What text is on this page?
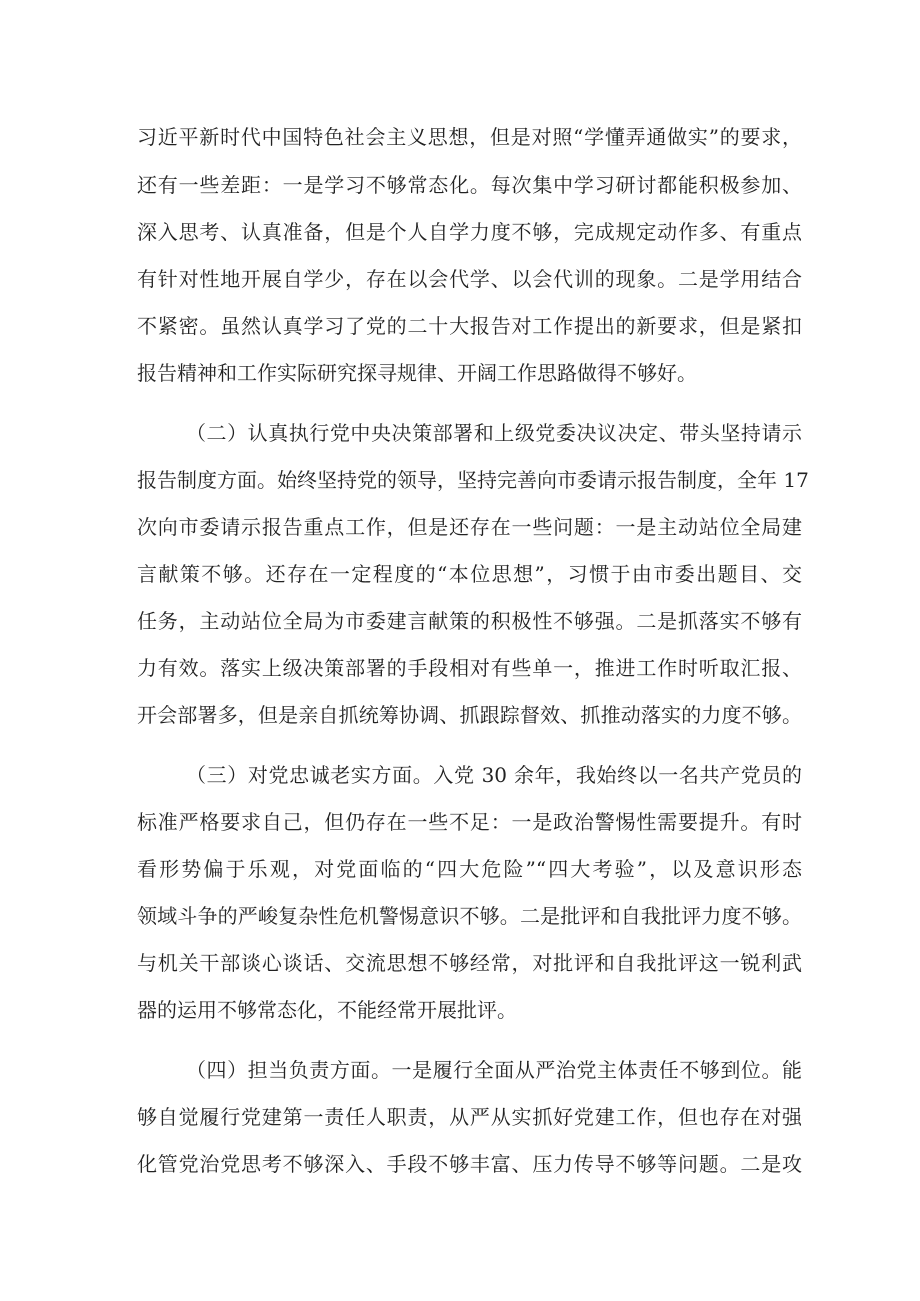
习近平新时代中国特色社会主义思想，但是对照“学懂弄通做实”的要求，
还有一些差距：一是学习不够常态化。每次集中学习研讨都能积极参加、
深入思考、认真准备，但是个人自学力度不够，完成规定动作多、有重点
有针对性地开展自学少，存在以会代学、以会代训的现象。二是学用结合
不紧密。虽然认真学习了党的二十大报告对工作提出的新要求，但是紧扣
报告精神和工作实际研究探寻规律、开阔工作思路做得不够好。
（二）认真执行党中央决策部署和上级党委决议决定、带头坚持请示
报告制度方面。始终坚持党的领导，坚持完善向市委请示报告制度，全年 17
次向市委请示报告重点工作，但是还存在一些问题：一是主动站位全局建
言献策不够。还存在一定程度的“本位思想”，习惯于由市委出题目、交
任务，主动站位全局为市委建言献策的积极性不够强。二是抓落实不够有
力有效。落实上级决策部署的手段相对有些单一，推进工作时听取汇报、
开会部署多，但是亲自抓统筹协调、抓跟踪督效、抓推动落实的力度不够。
（三）对党忠诚老实方面。入党 30 余年，我始终以一名共产党员的
标准严格要求自己，但仍存在一些不足：一是政治警惕性需要提升。有时
看形势偏于乐观，对党面临的“四大危险”“四大考验”，以及意识形态
领域斗争的严峻复杂性危机警惕意识不够。二是批评和自我批评力度不够。
与机关干部谈心谈话、交流思想不够经常，对批评和自我批评这一锐利武
器的运用不够常态化，不能经常开展批评。
（四）担当负责方面。一是履行全面从严治党主体责任不够到位。能
够自觉履行党建第一责任人职责，从严从实抓好党建工作，但也存在对强
化管党治党思考不够深入、手段不够丰富、压力传导不够等问题。二是攻
